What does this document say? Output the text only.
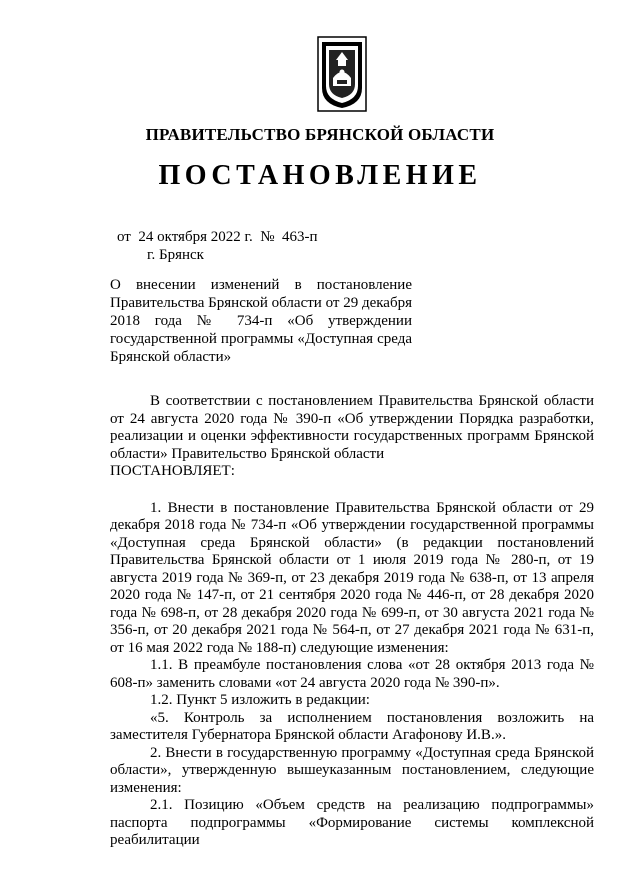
ПРАВИТЕЛЬСТВО БРЯНСКОЙ ОБЛАСТИ
ПОСТАНОВЛЕНИЕ
от  24 октября 2022 г.  №  463-п
г. Брянск
О внесении изменений в постановление Правительства Брянской области от 29 декабря 2018 года № 734-п «Об утверждении государственной программы «Доступная среда Брянской области»

В соответствии с постановлением Правительства Брянской области от 24 августа 2020 года № 390-п «Об утверждении Порядка разработки, реализации и оценки эффективности государственных программ Брянской области» Правительство Брянской области

ПОСТАНОВЛЯЕТ:

1. Внести в постановление Правительства Брянской области от 29 декабря 2018 года № 734-п «Об утверждении государственной программы «Доступная среда Брянской области» (в редакции постановлений Правительства Брянской области от 1 июля 2019 года № 280-п, от 19 августа 2019 года № 369-п, от 23 декабря 2019 года № 638-п, от 13 апреля 2020 года № 147-п, от 21 сентября 2020 года № 446-п, от 28 декабря 2020 года № 698-п, от 28 декабря 2020 года № 699-п, от 30 августа 2021 года № 356-п, от 20 декабря 2021 года № 564-п, от 27 декабря 2021 года № 631-п, от 16 мая 2022 года № 188-п) следующие изменения:

1.1. В преамбуле постановления слова «от 28 октября 2013 года № 608-п» заменить словами «от 24 августа 2020 года № 390-п».

1.2. Пункт 5 изложить в редакции:

«5. Контроль за исполнением постановления возложить на заместителя Губернатора Брянской области Агафонову И.В.».

2. Внести в государственную программу «Доступная среда Брянской области», утвержденную вышеуказанным постановлением, следующие изменения:

2.1. Позицию «Объем средств на реализацию подпрограммы» паспорта подпрограммы «Формирование системы комплексной реабилитации
